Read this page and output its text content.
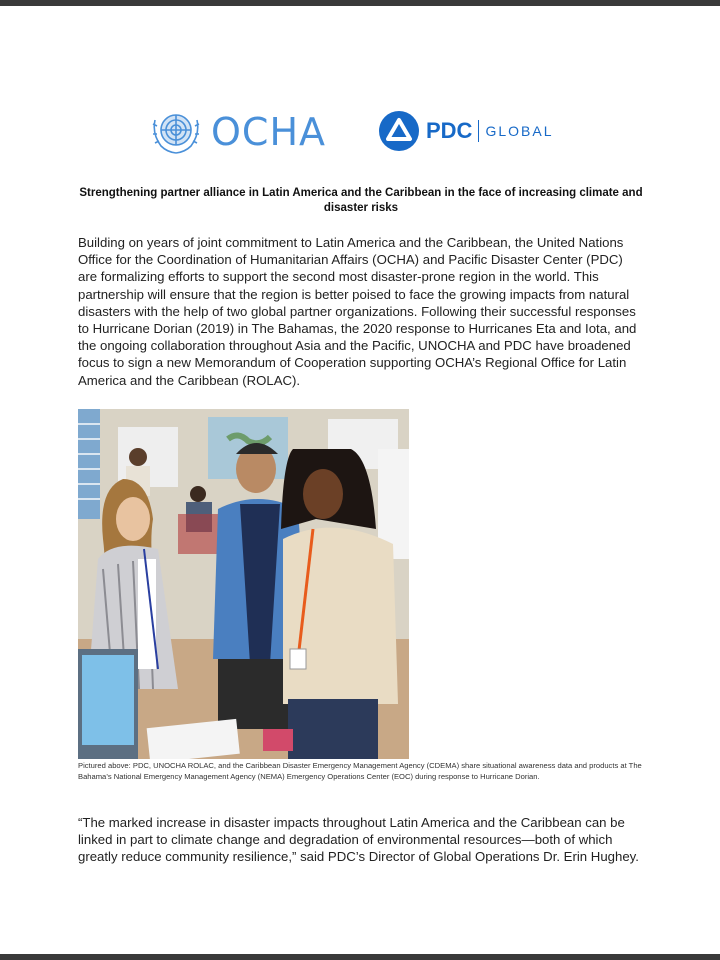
OCHA	PDC GLOBAL
Strengthening partner alliance in Latin America and the Caribbean in the face of increasing climate and disaster risks

Building on years of joint commitment to Latin America and the Caribbean, the United Nations Office for the Coordination of Humanitarian Affairs (OCHA) and Pacific Disaster Center (PDC) are formalizing efforts to support the second most disaster-prone region in the world. This partnership will ensure that the region is better poised to face the growing impacts from natural disasters with the help of two global partner organizations. Following their successful responses to Hurricane Dorian (2019) in The Bahamas, the 2020 response to Hurricanes Eta and Iota, and the ongoing collaboration throughout Asia and the Pacific, UNOCHA and PDC have broadened focus to sign a new Memorandum of Cooperation supporting OCHA’s Regional Office for Latin America and the Caribbean (ROLAC).

Pictured above: PDC, UNOCHA ROLAC, and the Caribbean Disaster Emergency Management Agency (CDEMA) share situational awareness data and products at The Bahama’s National Emergency Management Agency (NEMA) Emergency Operations Center (EOC) during response to Hurricane Dorian.

“The marked increase in disaster impacts throughout Latin America and the Caribbean can be linked in part to climate change and degradation of environmental resources—both of which greatly reduce community resilience,” said PDC’s Director of Global Operations Dr. Erin Hughey.
